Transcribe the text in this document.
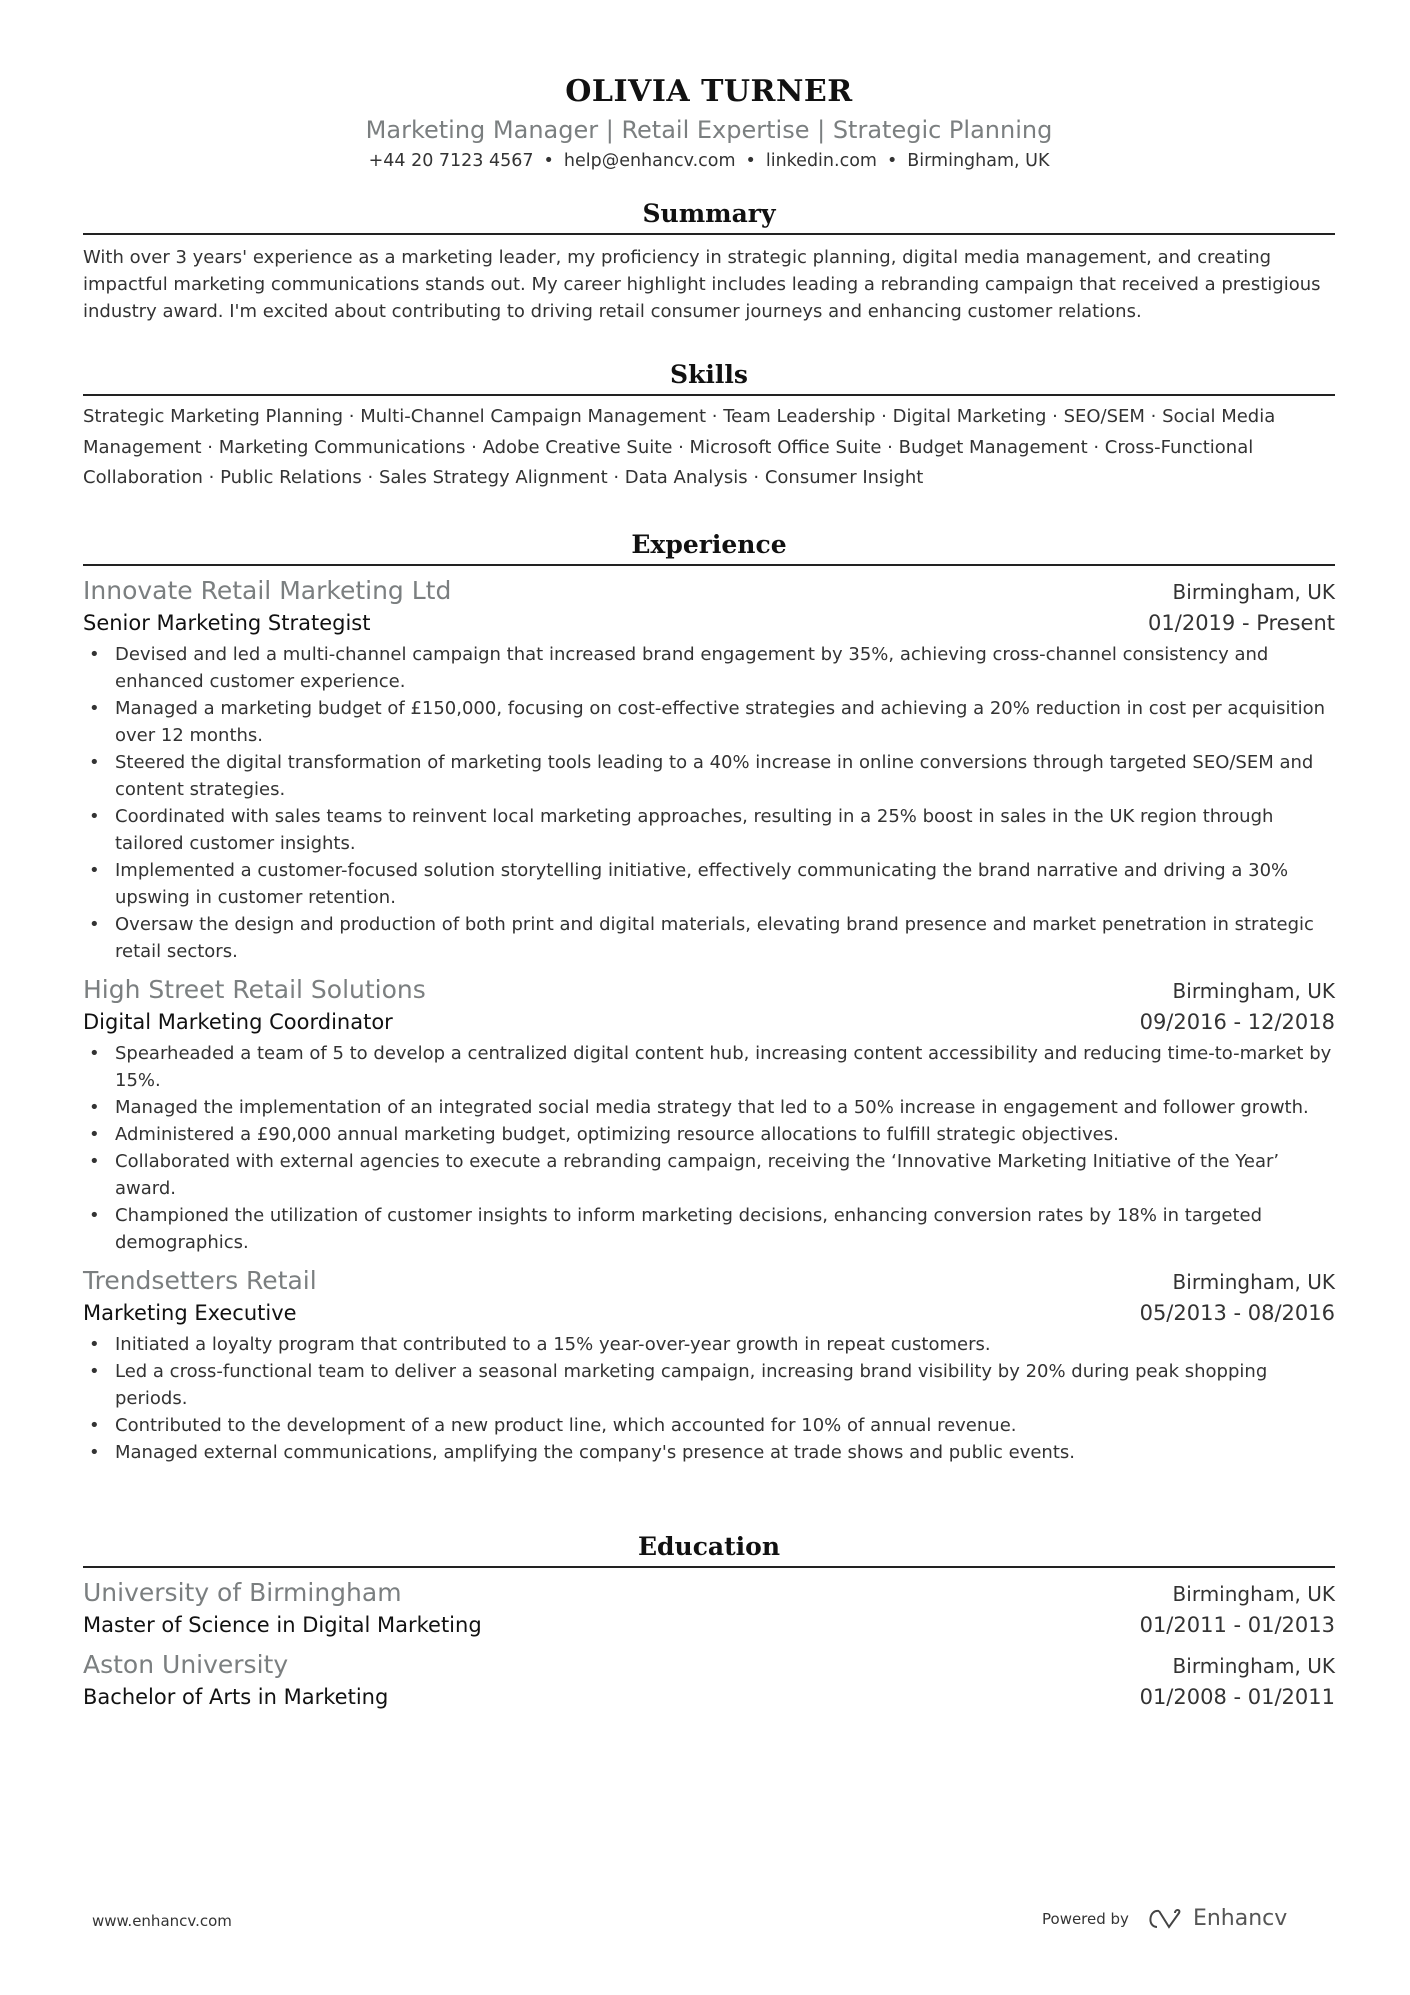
OLIVIA TURNER
Marketing Manager | Retail Expertise | Strategic Planning
+44 20 7123 4567 • help@enhancv.com • linkedin.com • Birmingham, UK
Summary

With over 3 years' experience as a marketing leader, my proficiency in strategic planning, digital media management, and creating impactful marketing communications stands out. My career highlight includes leading a rebranding campaign that received a prestigious industry award. I'm excited about contributing to driving retail consumer journeys and enhancing customer relations.

Skills

Strategic Marketing Planning · Multi-Channel Campaign Management · Team Leadership · Digital Marketing · SEO/SEM · Social Media Management · Marketing Communications · Adobe Creative Suite · Microsoft Office Suite · Budget Management · Cross-Functional Collaboration · Public Relations · Sales Strategy Alignment · Data Analysis · Consumer Insight

Experience
Innovate Retail Marketing Ltd	Birmingham, UK
Senior Marketing Strategist	01/2019 - Present
• Devised and led a multi-channel campaign that increased brand engagement by 35%, achieving cross-channel consistency and enhanced customer experience.
• Managed a marketing budget of £150,000, focusing on cost-effective strategies and achieving a 20% reduction in cost per acquisition over 12 months.
• Steered the digital transformation of marketing tools leading to a 40% increase in online conversions through targeted SEO/SEM and content strategies.
• Coordinated with sales teams to reinvent local marketing approaches, resulting in a 25% boost in sales in the UK region through tailored customer insights.
• Implemented a customer-focused solution storytelling initiative, effectively communicating the brand narrative and driving a 30% upswing in customer retention.
• Oversaw the design and production of both print and digital materials, elevating brand presence and market penetration in strategic retail sectors.
High Street Retail Solutions	Birmingham, UK
Digital Marketing Coordinator	09/2016 - 12/2018
• Spearheaded a team of 5 to develop a centralized digital content hub, increasing content accessibility and reducing time-to-market by 15%.
• Managed the implementation of an integrated social media strategy that led to a 50% increase in engagement and follower growth.
• Administered a £90,000 annual marketing budget, optimizing resource allocations to fulfill strategic objectives.
• Collaborated with external agencies to execute a rebranding campaign, receiving the ‘Innovative Marketing Initiative of the Year’ award.
• Championed the utilization of customer insights to inform marketing decisions, enhancing conversion rates by 18% in targeted demographics.
Trendsetters Retail	Birmingham, UK
Marketing Executive	05/2013 - 08/2016
• Initiated a loyalty program that contributed to a 15% year-over-year growth in repeat customers.
• Led a cross-functional team to deliver a seasonal marketing campaign, increasing brand visibility by 20% during peak shopping periods.
• Contributed to the development of a new product line, which accounted for 10% of annual revenue.
• Managed external communications, amplifying the company's presence at trade shows and public events.
Education
University of Birmingham	Birmingham, UK
Master of Science in Digital Marketing	01/2011 - 01/2013
Aston University	Birmingham, UK
Bachelor of Arts in Marketing	01/2008 - 01/2011
www.enhancv.com	Powered by	Enhancv
